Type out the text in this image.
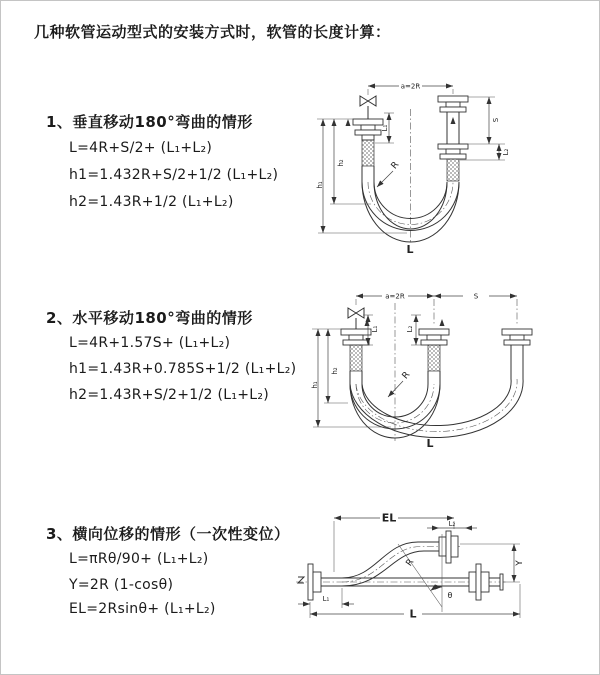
几种软管运动型式的安装方式时，软管的长度计算：
1、垂直移动180°弯曲的情形
L=4R+S/2+ (L₁+L₂)
h1=1.432R+S/2+1/2 (L₁+L₂)
h2=1.43R+1/2 (L₁+L₂)
2、水平移动180°弯曲的情形
L=4R+1.57S+ (L₁+L₂)
h1=1.43R+0.785S+1/2 (L₁+L₂)
h2=1.43R+S/2+1/2 (L₁+L₂)
3、横向位移的情形（一次性变位）
L=πRθ/90+ (L₁+L₂)
Y=2R (1-cosθ)
EL=2Rsinθ+ (L₁+L₂)
a=2R
h₂
h₁
L₁
S
L₂
R
L
a=2R	S
h₂
h₁
L₁	L₂
R
L
EL	L₂
Y
R
θ
L₁
L
